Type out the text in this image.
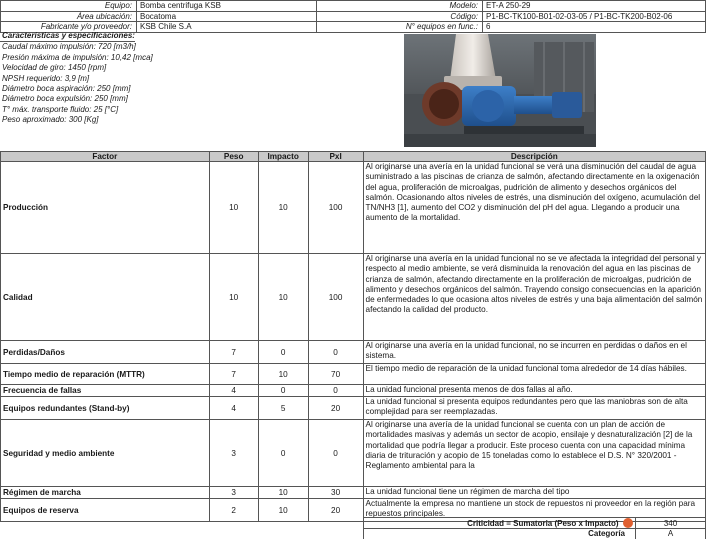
Equipo:	Bomba centrifuga KSB	Modelo:	ET-A 250-29
Área ubicación:	Bocatoma	Código:	P1-BC-TK100-B01-02-03-05 / P1-BC-TK200-B02-06
Fabricante y/o proveedor:	KSB Chile S.A	N° equipos en func.:	6
Características y especificaciones:
Caudal máximo impulsión: 720 [m3/h]
Presión máxima de impulsión: 10,42 [mca]
Velocidad de giro: 1450 [rpm]
NPSH requerido: 3,9 [m]
Diámetro boca aspiración: 250 [mm]
Diámetro boca expulsión: 250 [mm]
T° máx. transporte fluido: 25 [°C]
Peso aproximado: 300 [Kg]
Factor	Peso	Impacto	PxI	Descripción
Producción	10	10	100	Al originarse una avería en la unidad funcional se verá una disminución del caudal de agua suministrado a las piscinas de crianza de salmón, afectando directamente en la oxigenación del agua, proliferación de microalgas, pudrición de alimento y desechos orgánicos del salmón. Ocasionando altos niveles de estrés, una disminución del oxígeno, acumulación del TN/NH3 [1], aumento del CO2 y disminución del pH del agua. Llegando a producir una aumento de la mortalidad.
Calidad	10	10	100	Al originarse una avería en la unidad funcional no se ve afectada la integridad del personal y respecto al medio ambiente, se verá disminuida la renovación del agua en las piscinas de crianza de salmón, afectando directamente en la proliferación de microalgas, pudrición de alimento y desechos orgánicos del salmón. Trayendo consigo consecuencias en la aparición de enfermedades lo que ocasiona altos niveles de estrés y una baja alimentación del salmón afectando la calidad del producto.
Perdidas/Daños	7	0	0	Al originarse una avería en la unidad funcional, no se incurren en perdidas o daños en el sistema.
Tiempo medio de reparación (MTTR)	7	10	70	El tiempo medio de reparación de la unidad funcional toma alrededor de 14 días hábiles.
Frecuencia de fallas	4	0	0	La unidad funcional presenta menos de dos fallas al año.
Equipos redundantes (Stand-by)	4	5	20	La unidad funcional si presenta equipos redundantes pero que las maniobras son de alta complejidad para ser reemplazadas.
Seguridad y medio ambiente	3	0	0	Al originarse una avería de la unidad funcional se cuenta con un plan de acción de mortalidades masivas y además un sector de acopio, ensilaje y desnaturalización [2] de la mortalidad que podría llegar a producir. Este proceso cuenta con una capacidad mínima diaria de trituración y acopio de 15 toneladas como lo establece el D.S. N° 320/2001 - Reglamento ambiental para la
Régimen de marcha	3	10	30	La unidad funcional tiene un régimen de marcha del tipo
Equipos de reserva	2	10	20	Actualmente la empresa no mantiene un stock de repuestos ni proveedor en la región para repuestos principales.
Criticidad = Sumatoria (Peso x Impacto)		340
Categoría		A
